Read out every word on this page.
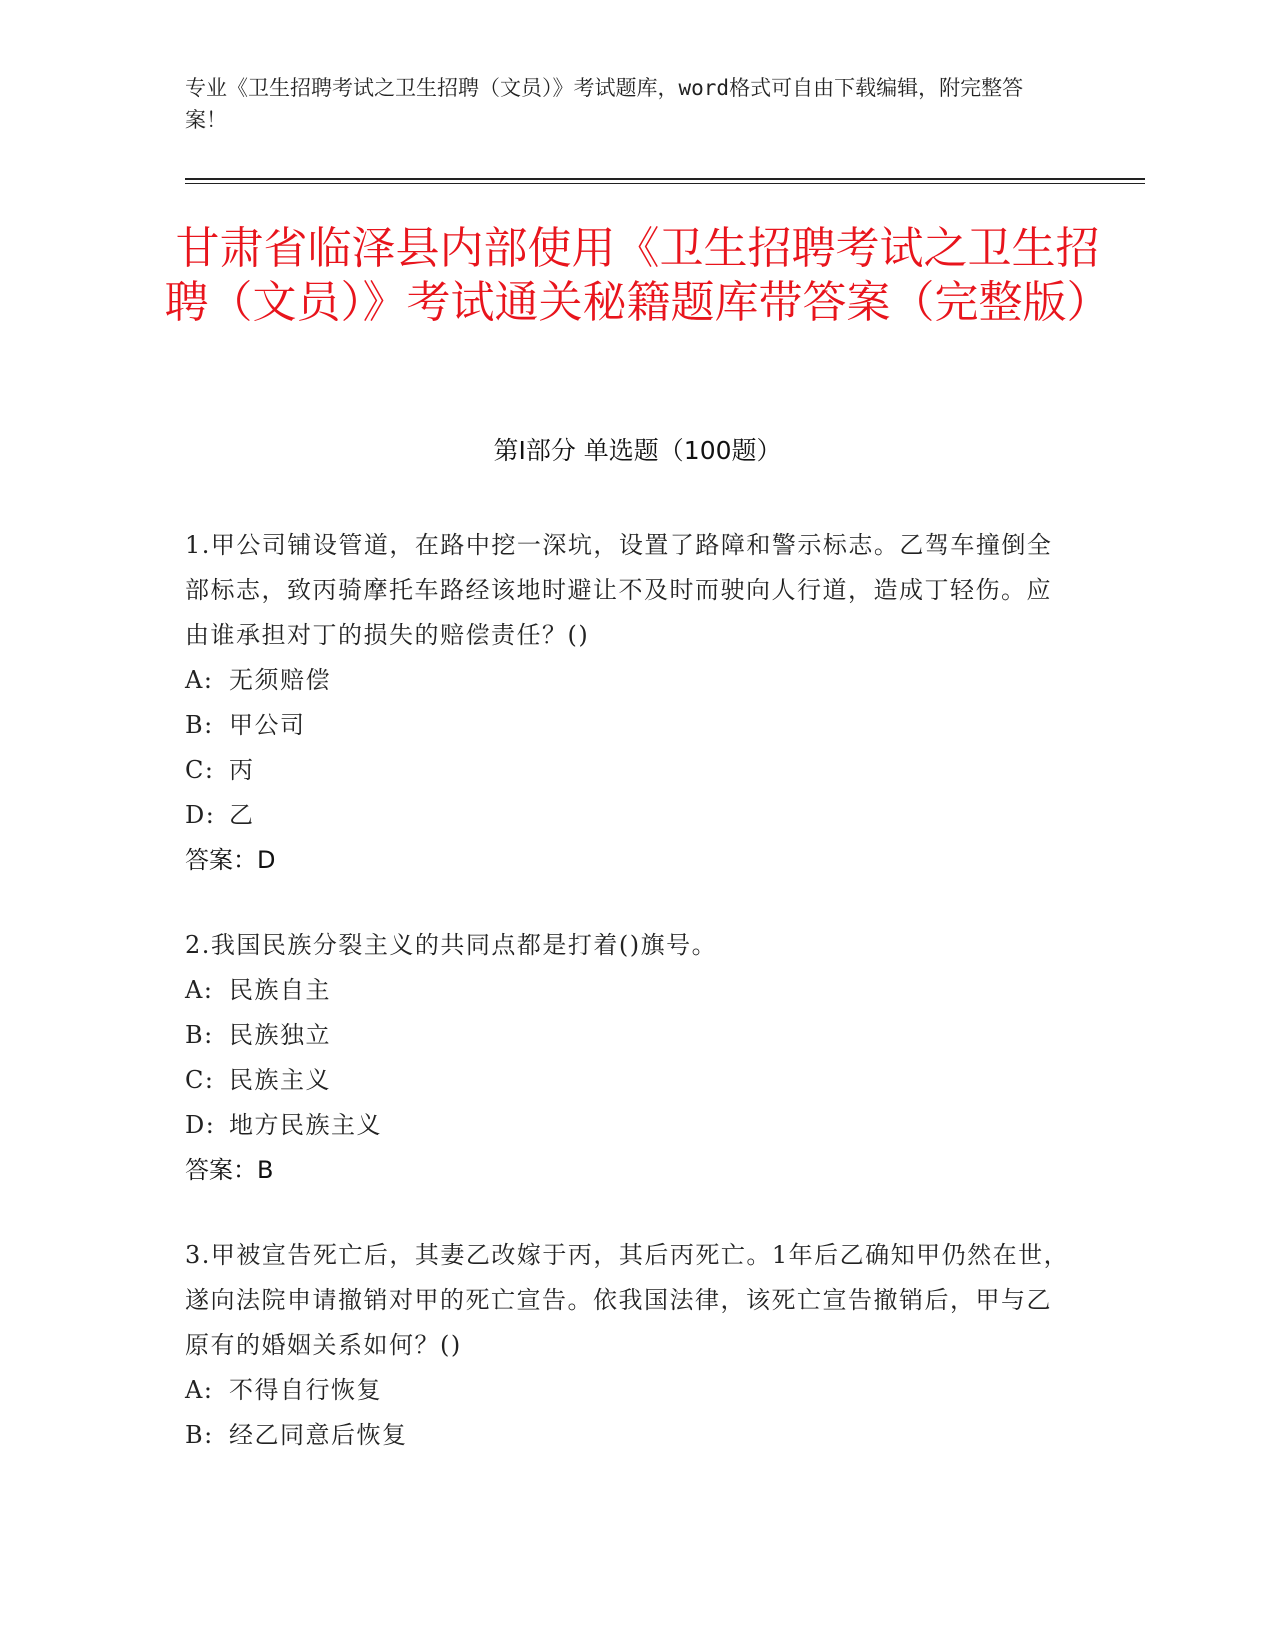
专业《卫生招聘考试之卫生招聘（文员）》考试题库，word格式可自由下载编辑，附完整答案！
甘肃省临泽县内部使用《卫生招聘考试之卫生招聘（文员）》考试通关秘籍题库带答案（完整版）
第Ⅰ部分 单选题（100题）
1.甲公司铺设管道，在路中挖一深坑，设置了路障和警示标志。乙驾车撞倒全部标志，致丙骑摩托车路经该地时避让不及时而驶向人行道，造成丁轻伤。应由谁承担对丁的损失的赔偿责任？()
A: 无须赔偿
B: 甲公司
C: 丙
D: 乙
答案：D
2.我国民族分裂主义的共同点都是打着()旗号。
A: 民族自主
B: 民族独立
C: 民族主义
D: 地方民族主义
答案：B
3.甲被宣告死亡后，其妻乙改嫁于丙，其后丙死亡。1年后乙确知甲仍然在世，遂向法院申请撤销对甲的死亡宣告。依我国法律，该死亡宣告撤销后，甲与乙原有的婚姻关系如何？()
A: 不得自行恢复
B: 经乙同意后恢复
